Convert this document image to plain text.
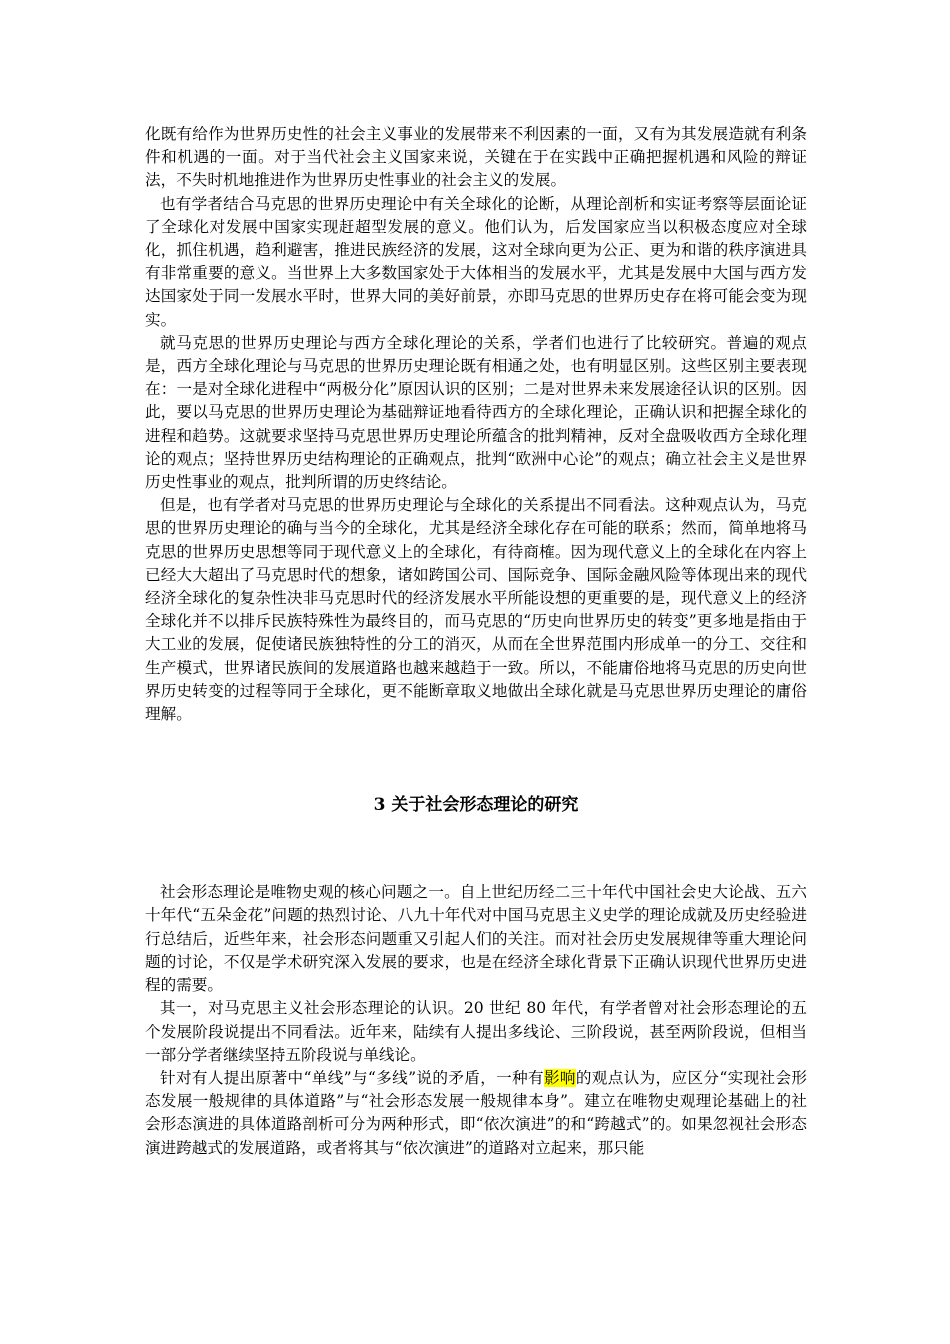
化既有给作为世界历史性的社会主义事业的发展带来不利因素的一面，又有为其发展造就有利条件和机遇的一面。对于当代社会主义国家来说，关键在于在实践中正确把握机遇和风险的辩证法，不失时机地推进作为世界历史性事业的社会主义的发展。

也有学者结合马克思的世界历史理论中有关全球化的论断，从理论剖析和实证考察等层面论证了全球化对发展中国家实现赶超型发展的意义。他们认为，后发国家应当以积极态度应对全球化，抓住机遇，趋利避害，推进民族经济的发展，这对全球向更为公正、更为和谐的秩序演进具有非常重要的意义。当世界上大多数国家处于大体相当的发展水平，尤其是发展中大国与西方发达国家处于同一发展水平时，世界大同的美好前景，亦即马克思的世界历史存在将可能会变为现实。

就马克思的世界历史理论与西方全球化理论的关系，学者们也进行了比较研究。普遍的观点是，西方全球化理论与马克思的世界历史理论既有相通之处，也有明显区别。这些区别主要表现在：一是对全球化进程中“两极分化”原因认识的区别；二是对世界未来发展途径认识的区别。因此，要以马克思的世界历史理论为基础辩证地看待西方的全球化理论，正确认识和把握全球化的进程和趋势。这就要求坚持马克思世界历史理论所蕴含的批判精神，反对全盘吸收西方全球化理论的观点；坚持世界历史结构理论的正确观点，批判“欧洲中心论”的观点；确立社会主义是世界历史性事业的观点，批判所谓的历史终结论。

但是，也有学者对马克思的世界历史理论与全球化的关系提出不同看法。这种观点认为，马克思的世界历史理论的确与当今的全球化，尤其是经济全球化存在可能的联系；然而，简单地将马克思的世界历史思想等同于现代意义上的全球化，有待商榷。因为现代意义上的全球化在内容上已经大大超出了马克思时代的想象，诸如跨国公司、国际竞争、国际金融风险等体现出来的现代经济全球化的复杂性决非马克思时代的经济发展水平所能设想的更重要的是，现代意义上的经济全球化并不以排斥民族特殊性为最终目的，而马克思的“历史向世界历史的转变”更多地是指由于大工业的发展，促使诸民族独特性的分工的消灭，从而在全世界范围内形成单一的分工、交往和生产模式，世界诸民族间的发展道路也越来越趋于一致。所以，不能庸俗地将马克思的历史向世界历史转变的过程等同于全球化，更不能断章取义地做出全球化就是马克思世界历史理论的庸俗理解。

3 关于社会形态理论的研究

社会形态理论是唯物史观的核心问题之一。自上世纪历经二三十年代中国社会史大论战、五六十年代“五朵金花”问题的热烈讨论、八九十年代对中国马克思主义史学的理论成就及历史经验进行总结后，近些年来，社会形态问题重又引起人们的关注。而对社会历史发展规律等重大理论问题的讨论，不仅是学术研究深入发展的要求，也是在经济全球化背景下正确认识现代世界历史进程的需要。

其一，对马克思主义社会形态理论的认识。20 世纪 80 年代，有学者曾对社会形态理论的五个发展阶段说提出不同看法。近年来，陆续有人提出多线论、三阶段说，甚至两阶段说，但相当一部分学者继续坚持五阶段说与单线论。

针对有人提出原著中“单线”与“多线”说的矛盾，一种有影响的观点认为，应区分“实现社会形态发展一般规律的具体道路”与“社会形态发展一般规律本身”。建立在唯物史观理论基础上的社会形态演进的具体道路剖析可分为两种形式，即“依次演进”的和“跨越式”的。如果忽视社会形态演进跨越式的发展道路，或者将其与“依次演进”的道路对立起来，那只能
